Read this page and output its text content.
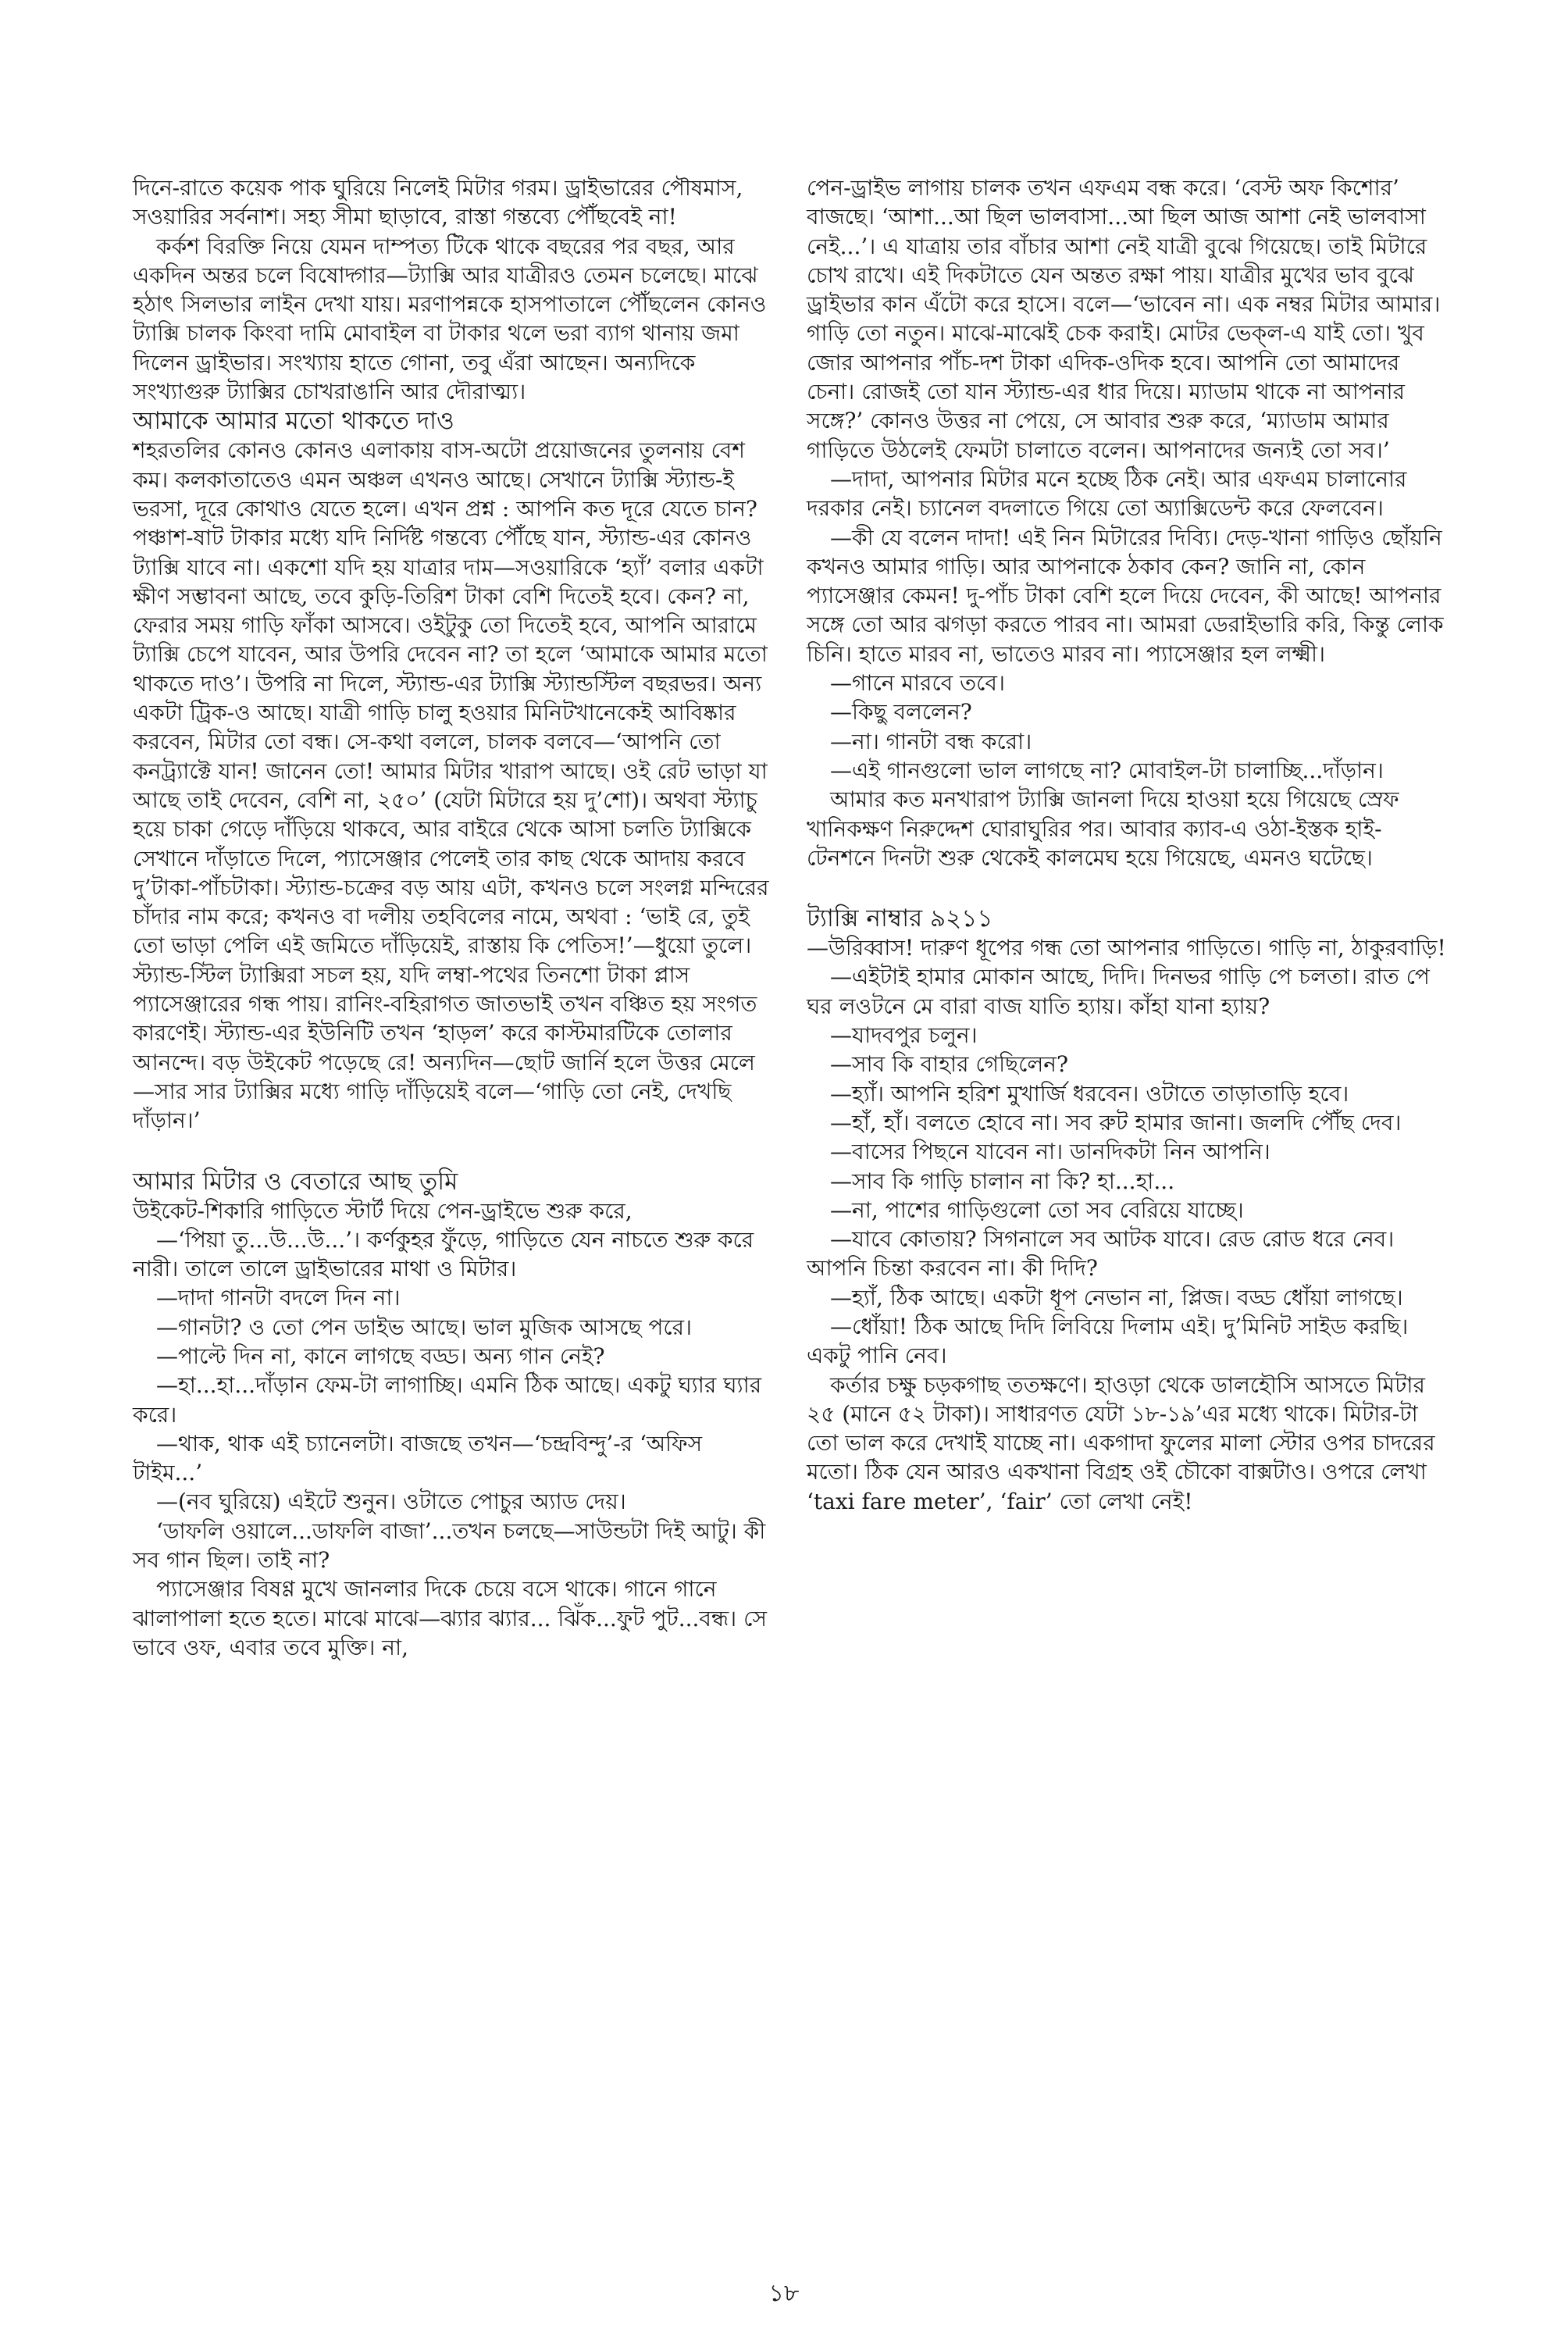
দিনে-রাতে কয়েক পাক ঘুরিয়ে নিলেই মিটার গরম। ড্রাইভারের পৌষমাস, সওয়ারির সর্বনাশ। সহ্য সীমা ছাড়াবে, রাস্তা গন্তব্যে পৌঁছবেই না!

কর্কশ বিরক্তি নিয়ে যেমন দাম্পত্য টিকে থাকে বছরের পর বছর, আর একদিন অন্তর চলে বিষোদ্গার—ট্যাক্সি আর যাত্রীরও তেমন চলেছে। মাঝে হঠাৎ সিলভার লাইন দেখা যায়। মরণাপন্নকে হাসপাতালে পৌঁছলেন কোনও ট্যাক্সি চালক কিংবা দামি মোবাইল বা টাকার থলে ভরা ব্যাগ থানায় জমা দিলেন ড্রাইভার। সংখ্যায় হাতে গোনা, তবু এঁরা আছেন। অন্যদিকে সংখ্যাগুরু ট্যাক্সির চোখরাঙানি আর দৌরাত্ম্য।

আমাকে আমার মতো থাকতে দাও

শহরতলির কোনও কোনও এলাকায় বাস-অটো প্রয়োজনের তুলনায় বেশ কম। কলকাতাতেও এমন অঞ্চল এখনও আছে। সেখানে ট্যাক্সি স্ট্যান্ড-ই ভরসা, দূরে কোথাও যেতে হলে। এখন প্রশ্ন : আপনি কত দূরে যেতে চান? পঞ্চাশ-ষাট টাকার মধ্যে যদি নির্দিষ্ট গন্তব্যে পৌঁছে যান, স্ট্যান্ড-এর কোনও ট্যাক্সি যাবে না। একশো যদি হয় যাত্রার দাম—সওয়ারিকে ‘হ্যাঁ’ বলার একটা ক্ষীণ সম্ভাবনা আছে, তবে কুড়ি-তিরিশ টাকা বেশি দিতেই হবে। কেন? না, ফেরার সময় গাড়ি ফাঁকা আসবে। ওইটুকু তো দিতেই হবে, আপনি আরামে ট্যাক্সি চেপে যাবেন, আর উপরি দেবেন না? তা হলে ‘আমাকে আমার মতো থাকতে দাও’। উপরি না দিলে, স্ট্যান্ড-এর ট্যাক্সি স্ট্যান্ডস্টিল বছরভর। অন্য একটা ট্রিক-ও আছে। যাত্রী গাড়ি চালু হওয়ার মিনিটখানেকেই আবিষ্কার করবেন, মিটার তো বন্ধ। সে-কথা বললে, চালক বলবে—‘আপনি তো কনট্র্যাক্টে যান! জানেন তো! আমার মিটার খারাপ আছে। ওই রেট ভাড়া যা আছে তাই দেবেন, বেশি না, ২৫০’ (যেটা মিটারে হয় দু’শো)। অথবা স্ট্যাচু হয়ে চাকা গেড়ে দাঁড়িয়ে থাকবে, আর বাইরে থেকে আসা চলতি ট্যাক্সিকে সেখানে দাঁড়াতে দিলে, প্যাসেঞ্জার পেলেই তার কাছ থেকে আদায় করবে দু’টাকা-পাঁচটাকা। স্ট্যান্ড-চক্রের বড় আয় এটা, কখনও চলে সংলগ্ন মন্দিরের চাঁদার নাম করে; কখনও বা দলীয় তহবিলের নামে, অথবা : ‘ভাই রে, তুই তো ভাড়া পেলি এই জমিতে দাঁড়িয়েই, রাস্তায় কি পেতিস!’—ধুয়ো তুলে। স্ট্যান্ড-স্টিল ট্যাক্সিরা সচল হয়, যদি লম্বা-পথের তিনশো টাকা প্লাস প্যাসেঞ্জারের গন্ধ পায়। রানিং-বহিরাগত জাতভাই তখন বঞ্চিত হয় সংগত কারণেই। স্ট্যান্ড-এর ইউনিটি তখন ‘হাড়ল’ করে কাস্টমারটিকে তোলার আনন্দে। বড় উইকেট পড়েছে রে! অন্যদিন—ছোট জার্নি হলে উত্তর মেলে—সার সার ট্যাক্সির মধ্যে গাড়ি দাঁড়িয়েই বলে—‘গাড়ি তো নেই, দেখছি দাঁড়ান।’

আমার মিটার ও বেতারে আছ তুমি

উইকেট-শিকারি গাড়িতে স্টার্ট দিয়ে পেন-ড্রাইভে শুরু করে,

—‘পিয়া তু...উ...উ...’। কর্ণকুহর ফুঁড়ে, গাড়িতে যেন নাচতে শুরু করে নারী। তালে তালে ড্রাইভারের মাথা ও মিটার।

—দাদা গানটা বদলে দিন না।

—গানটা? ও তো পেন ডাইভ আছে। ভাল মুজিক আসছে পরে।

—পাল্টে দিন না, কানে লাগছে বড্ড। অন্য গান নেই?

—হা...হা...দাঁড়ান ফেম-টা লাগাচ্ছি। এমনি ঠিক আছে। একটু ঘ্যার ঘ্যার করে।

—থাক, থাক এই চ্যানেলটা। বাজছে তখন—‘চন্দ্রবিন্দু’-র ‘অফিস টাইম...’

—(নব ঘুরিয়ে) এইটে শুনুন। ওটাতে পোচুর অ্যাড দেয়।

‘ডাফলি ওয়ালে...ডাফলি বাজা’...তখন চলছে—সাউন্ডটা দিই আটু। কী সব গান ছিল। তাই না?

প্যাসেঞ্জার বিষণ্ণ মুখে জানলার দিকে চেয়ে বসে থাকে। গানে গানে ঝালাপালা হতে হতে। মাঝে মাঝে—ঝ্যার ঝ্যার... ঝিঁক...ফুট পুট...বন্ধ। সে ভাবে ওফ, এবার তবে মুক্তি। না,

পেন-ড্রাইভ লাগায় চালক তখন এফএম বন্ধ করে। ‘বেস্ট অফ কিশোর’ বাজছে। ‘আশা...আ ছিল ভালবাসা...আ ছিল আজ আশা নেই ভালবাসা নেই...’। এ যাত্রায় তার বাঁচার আশা নেই যাত্রী বুঝে গিয়েছে। তাই মিটারে চোখ রাখে। এই দিকটাতে যেন অন্তত রক্ষা পায়। যাত্রীর মুখের ভাব বুঝে ড্রাইভার কান এঁটো করে হাসে। বলে—‘ভাবেন না। এক নম্বর মিটার আমার। গাড়ি তো নতুন। মাঝে-মাঝেই চেক করাই। মোটর ভেক্‌ল-এ যাই তো। খুব জোর আপনার পাঁচ-দশ টাকা এদিক-ওদিক হবে। আপনি তো আমাদের চেনা। রোজই তো যান স্ট্যান্ড-এর ধার দিয়ে। ম্যাডাম থাকে না আপনার সঙ্গে?’ কোনও উত্তর না পেয়ে, সে আবার শুরু করে, ‘ম্যাডাম আমার গাড়িতে উঠলেই ফেমটা চালাতে বলেন। আপনাদের জন্যই তো সব।’

—দাদা, আপনার মিটার মনে হচ্ছে ঠিক নেই। আর এফএম চালানোর দরকার নেই। চ্যানেল বদলাতে গিয়ে তো অ্যাক্সিডেন্ট করে ফেলবেন।

—কী যে বলেন দাদা! এই নিন মিটারের দিব্যি। দেড়-খানা গাড়িও ছোঁয়নি কখনও আমার গাড়ি। আর আপনাকে ঠকাব কেন? জানি না, কোন প্যাসেঞ্জার কেমন! দু-পাঁচ টাকা বেশি হলে দিয়ে দেবেন, কী আছে! আপনার সঙ্গে তো আর ঝগড়া করতে পারব না। আমরা ডেরাইভারি করি, কিন্তু লোক চিনি। হাতে মারব না, ভাতেও মারব না। প্যাসেঞ্জার হল লক্ষ্মী।

—গানে মারবে তবে।

—কিছু বললেন?

—না। গানটা বন্ধ করো।

—এই গানগুলো ভাল লাগছে না? মোবাইল-টা চালাচ্ছি...দাঁড়ান।

আমার কত মনখারাপ ট্যাক্সি জানলা দিয়ে হাওয়া হয়ে গিয়েছে স্রেফ খানিকক্ষণ নিরুদ্দেশ ঘোরাঘুরির পর। আবার ক্যাব-এ ওঠা-ইস্তক হাই-টেনশনে দিনটা শুরু থেকেই কালমেঘ হয়ে গিয়েছে, এমনও ঘটেছে।

ট্যাক্সি নাম্বার ৯২১১

—উরিব্বাস! দারুণ ধূপের গন্ধ তো আপনার গাড়িতে। গাড়ি না, ঠাকুরবাড়ি!

—এইটাই হামার মোকান আছে, দিদি। দিনভর গাড়ি পে চলতা। রাত পে ঘর লওটনে মে বারা বাজ যাতি হ্যায়। কাঁহা যানা হ্যায়?

—যাদবপুর চলুন।

—সাব কি বাহার গেছিলেন?

—হ্যাঁ। আপনি হরিশ মুখার্জি ধরবেন। ওটাতে তাড়াতাড়ি হবে।

—হাঁ, হাঁ। বলতে হোবে না। সব রুট হামার জানা। জলদি পৌঁছ দেব।

—বাসের পিছনে যাবেন না। ডানদিকটা নিন আপনি।

—সাব কি গাড়ি চালান না কি? হা...হা...

—না, পাশের গাড়িগুলো তো সব বেরিয়ে যাচ্ছে।

—যাবে কোতায়? সিগনালে সব আটক যাবে। রেড রোড ধরে নেব। আপনি চিন্তা করবেন না। কী দিদি?

—হ্যাঁ, ঠিক আছে। একটা ধূপ নেভান না, প্লিজ। বড্ড ধোঁয়া লাগছে।

—ধোঁয়া! ঠিক আছে দিদি লিবিয়ে দিলাম এই। দু’মিনিট সাইড করছি। একটু পানি নেব।

কর্তার চক্ষু চড়কগাছ ততক্ষণে। হাওড়া থেকে ডালহৌসি আসতে মিটার ২৫ (মানে ৫২ টাকা)। সাধারণত যেটা ১৮-১৯’এর মধ্যে থাকে। মিটার-টা তো ভাল করে দেখাই যাচ্ছে না। একগাদা ফুলের মালা স্টোর ওপর চাদরের মতো। ঠিক যেন আরও একখানা বিগ্রহ ওই চৌকো বাক্সটাও। ওপরে লেখা ‘taxi fare meter’, ‘fair’ তো লেখা নেই!

১৮
